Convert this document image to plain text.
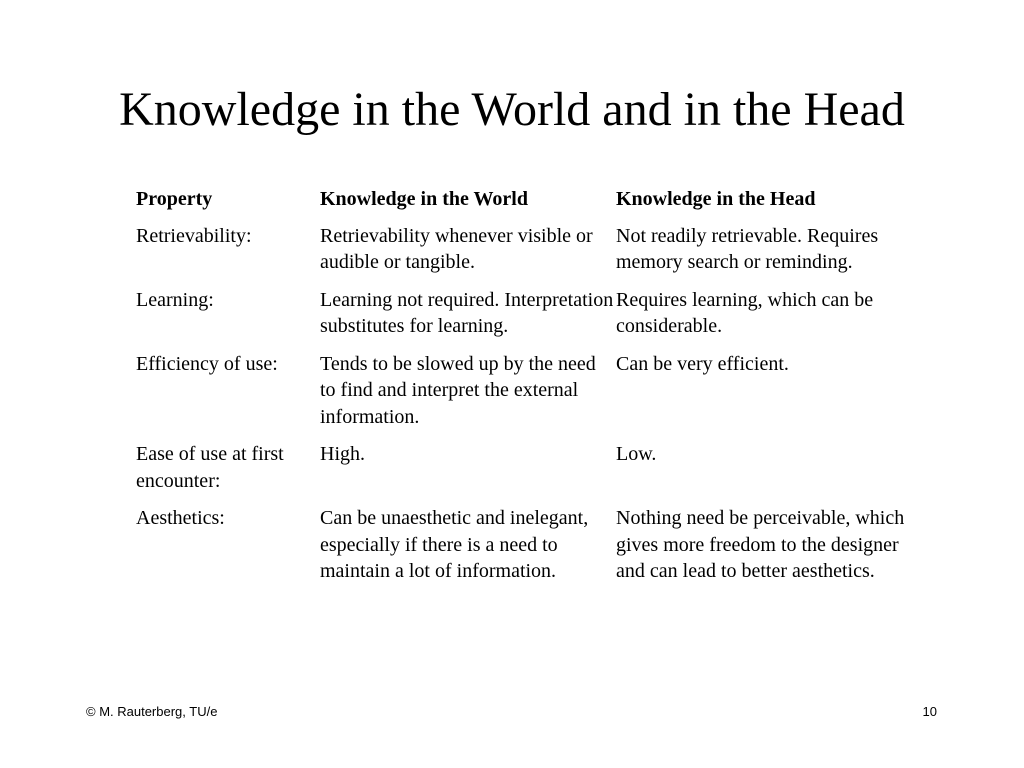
Knowledge in the World and in the Head
Property	Knowledge in the World	Knowledge in the Head
Retrievability:	Retrievability whenever visible or audible or tangible.	Not readily retrievable. Requires memory search or reminding.
Learning:	Learning not required. Interpretation substitutes for learning.	Requires learning, which can be considerable.
Efficiency of use:	Tends to be slowed up by the need to find and interpret the external information.	Can be very efficient.
Ease of use at first encounter:	High.	Low.
Aesthetics:	Can be unaesthetic and inelegant, especially if there is a need to maintain a lot of information.	Nothing need be perceivable, which gives more freedom to the designer and can lead to better aesthetics.
© M. Rauterberg, TU/e	10
